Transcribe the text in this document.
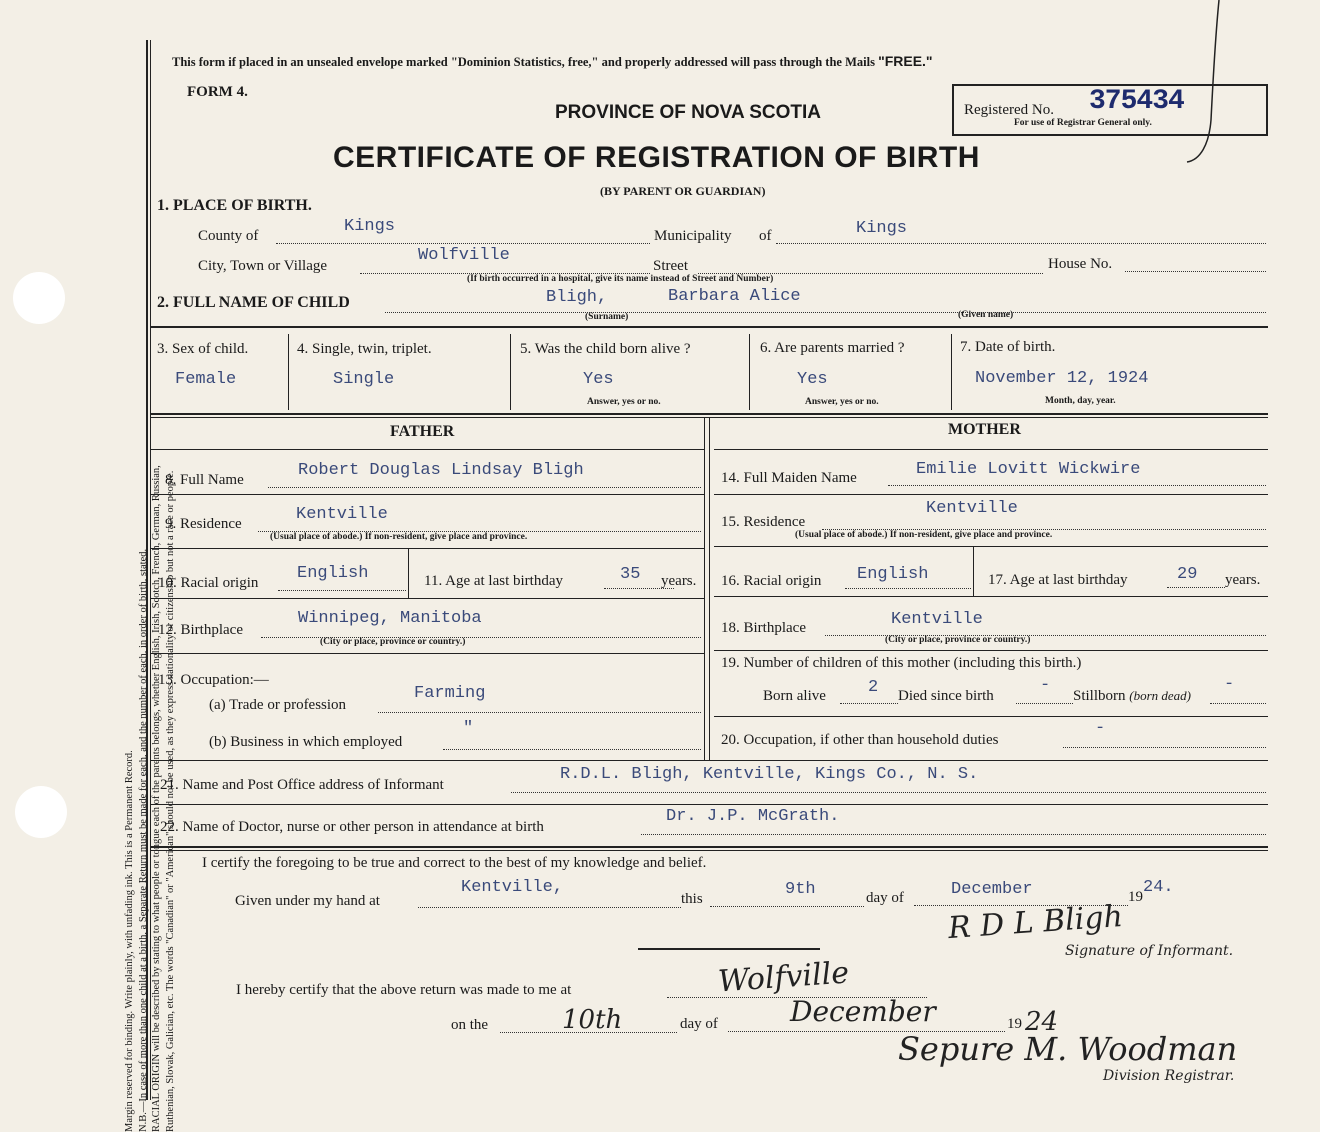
Margin reserved for binding. Write plainly, with unfading ink. This is a Permanent Record. N.B.—In case of more than one child at a birth, a Separate Return must be made for each, and the number of each, in order of birth, stated. RACIAL ORIGIN will be described by stating to what people or tongue each of the parents belongs, whether English, Irish, Scotch, French, German, Russian, Ruthenian, Slovak, Galician, etc. The words "Canadian" or "American" should not be used, as they express nationality or citizenship but not a race or people.
This form if placed in an unsealed envelope marked "Dominion Statistics, free," and properly addressed will pass through the Mails "FREE."
FORM 4.
PROVINCE OF NOVA SCOTIA
CERTIFICATE OF REGISTRATION OF BIRTH
(BY PARENT OR GUARDIAN)
Registered No. 375434
For use of Registrar General only.
1. PLACE OF BIRTH.
County of	Kings	Municipality of	Kings
City, Town or Village
Wolfville
Street	House No.
(If birth occurred in a hospital, give its name instead of Street and Number)
2. FULL NAME OF CHILD	Bligh,	Barbara Alice
(Surname)	(Given name)
3. Sex of child.
Female
4. Single, twin, triplet.
Single
5. Was the child born alive ?
Yes
Answer, yes or no.
6. Are parents married ?
Yes
Answer, yes or no.
7. Date of birth.
November 12, 1924
Month, day, year.
FATHER	MOTHER
8. Full Name	Robert Douglas Lindsay Bligh
9. Residence	Kentville
(Usual place of abode.) If non-resident, give place and province.
10. Racial origin English	11. Age at last birthday	35 years.
12. Birthplace
Winnipeg, Manitoba
(City or place, province or country.)
13. Occupation:—
(a) Trade or profession
Farming
(b) Business in which employed
"
14. Full Maiden Name	Emilie Lovitt Wickwire
15. Residence
Kentville
(Usual place of abode.) If non-resident, give place and province.
16. Racial origin English	17. Age at last birthday	29 years.
18. Birthplace	Kentville
(City or place, province or country.)
19. Number of children of this mother (including this birth.)
Born alive 2 Died since birth
-
Stillborn (born dead)
-
20. Occupation, if other than household duties
-
21. Name and Post Office address of Informant
R.D.L. Bligh, Kentville, Kings Co., N. S.
22. Name of Doctor, nurse or other person in attendance at birth
Dr. J.P. McGrath.
I certify the foregoing to be true and correct to the best of my knowledge and belief.
Given under my hand at
Kentville,
this	9th	day of	December	19 24.
R D L Bligh
Signature of Informant.
I hereby certify that the above return was made to me at	Wolfville
on the	10th	day of	December	19 24
Sepure M. Woodman
Division Registrar.
